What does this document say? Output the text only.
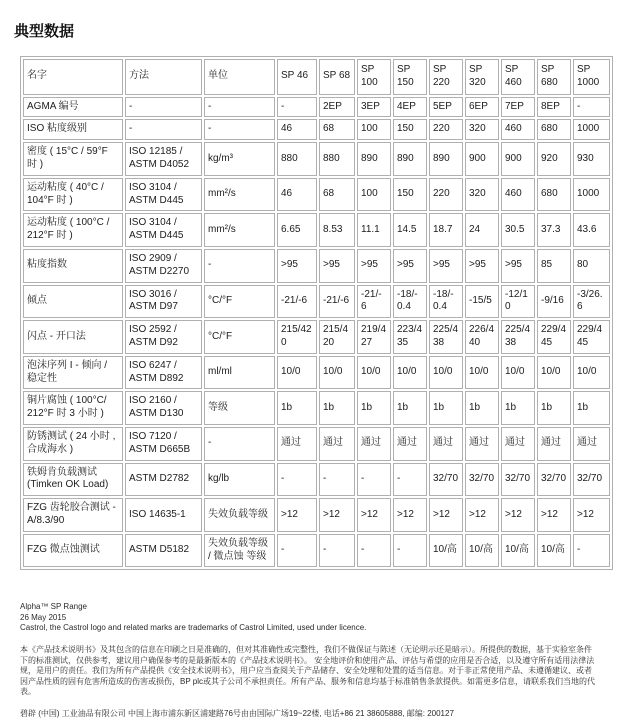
典型数据
名字	方法	单位	SP 46	SP 68	SP 100	SP 150	SP 220	SP 320	SP 460	SP 680	SP 1000
AGMA 编号	-	-	-	2EP	3EP	4EP	5EP	6EP	7EP	8EP	-
ISO 粘度级别	-	-	46	68	100	150	220	320	460	680	1000
密度 ( 15°C / 59°F 时 )	ISO 12185 / ASTM D4052	kg/m³	880	880	890	890	890	900	900	920	930
运动粘度 ( 40°C / 104°F 时 )	ISO 3104 / ASTM D445	mm²/s	46	68	100	150	220	320	460	680	1000
运动粘度 ( 100°C / 212°F 时 )	ISO 3104 / ASTM D445	mm²/s	6.65	8.53	11.1	14.5	18.7	24	30.5	37.3	43.6
粘度指数	ISO 2909 / ASTM D2270	-	>95	>95	>95	>95	>95	>95	>95	85	80
倾点	ISO 3016 / ASTM D97	°C/°F	-21/-6	-21/-6	-21/-6	-18/-0.4	-18/-0.4	-15/5	-12/10	-9/16	-3/26.6
闪点 - 开口法	ISO 2592 / ASTM D92	°C/°F	215/420	215/420	219/427	223/435	225/438	226/440	225/438	229/445	229/445
泡沫序列 I - 倾向 / 稳定性	ISO 6247 / ASTM D892	ml/ml	10/0	10/0	10/0	10/0	10/0	10/0	10/0	10/0	10/0
铜片腐蚀 ( 100°C/ 212°F 时 3 小时 )	ISO 2160 / ASTM D130	等级	1b	1b	1b	1b	1b	1b	1b	1b	1b
防锈测试 ( 24 小时 , 合成海水 )	ISO 7120 / ASTM D665B	-	通过	通过	通过	通过	通过	通过	通过	通过	通过
铁姆肯负载测试 (Timken OK Load)	ASTM D2782	kg/lb	-	-	-	-	32/70	32/70	32/70	32/70	32/70
FZG 齿轮胶合测试 - A/8.3/90	ISO 14635-1	失效负载等级	>12	>12	>12	>12	>12	>12	>12	>12	>12
FZG 微点蚀测试	ASTM D5182	失效负载等级 / 微点蚀 等级	-	-	-	-	10/高	10/高	10/高	10/高	-

Alpha™ SP Range

26 May 2015

Castrol, the Castrol logo and related marks are trademarks of Castrol Limited, used under licence.

本《产品技术说明书》及其包含的信息在印刷之日是准确的，但对其准确性或完整性，我们不做保证与陈述（无论明示还是暗示）。所提供的数据，基于实验室条件下的标准测试，仅供参考，建议用户确保参考的是最新版本的《产品技术说明书》。 安全地评价和使用产品、评估与希望的应用是否合适，以及遵守所有适用法律法规，是用户的责任。我们为所有产品提供《安全技术说明书》，用户应当查阅关于产品储存、安全处理和处置的适当信息。对于非正常使用产品、未遵循建议、或者因产品性质的固有危害所造成的伤害或损伤，BP plc或其子公司不承担责任。所有产品、服务和信息均基于标准销售条款提供。如需更多信息，请联系我们当地的代表。

碧辟 (中国) 工业油品有限公司 中国上海市浦东新区浦建路76号由由国际广场19~22楼, 电话+86 21 38605888, 邮编: 200127
